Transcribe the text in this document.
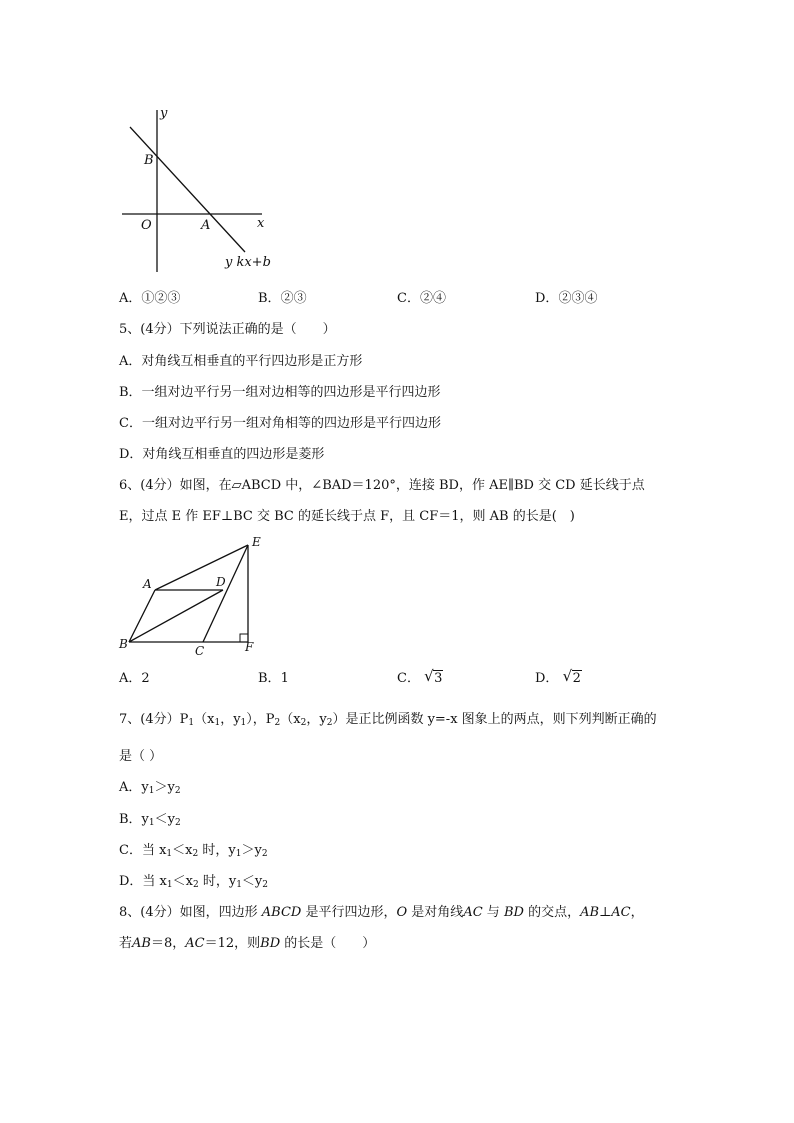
y
x
B
O	A
y kx+b
A．①②③	B．②③	C．②④	D．②③④
5、(4分）下列说法正确的是（　　）
A．对角线互相垂直的平行四边形是正方形
B．一组对边平行另一组对边相等的四边形是平行四边形
C．一组对边平行另一组对角相等的四边形是平行四边形
D．对角线互相垂直的四边形是菱形
6、(4分）如图，在▱ABCD 中，∠BAD＝120°，连接 BD，作 AE∥BD 交 CD 延长线于点
E，过点 E 作 EF⊥BC 交 BC 的延长线于点 F，且 CF＝1，则 AB 的长是(　)
E
A	D
B	C	F
A．2	B．1	C． √ 3	D． √ 2
7、(4分）$P_1(x_1$，$y_1$），$P_2(x_2$，$y_2$）是正比例函数 y=-x 图象上的两点，则下列判断正确的
是（ ）
A．$y_1>y_2$
B．$y_1<y_2$
C．当 $x_1<x_2$ 时，$y_1>y_2$
D．当 $x_1<x_2$ 时，$y_1<y_2$
8、(4分）如图，四边形 ABCD 是平行四边形，O 是对角线AC 与 BD 的交点，AB⊥AC，
若AB＝8，AC＝12，则BD 的长是（　　）
